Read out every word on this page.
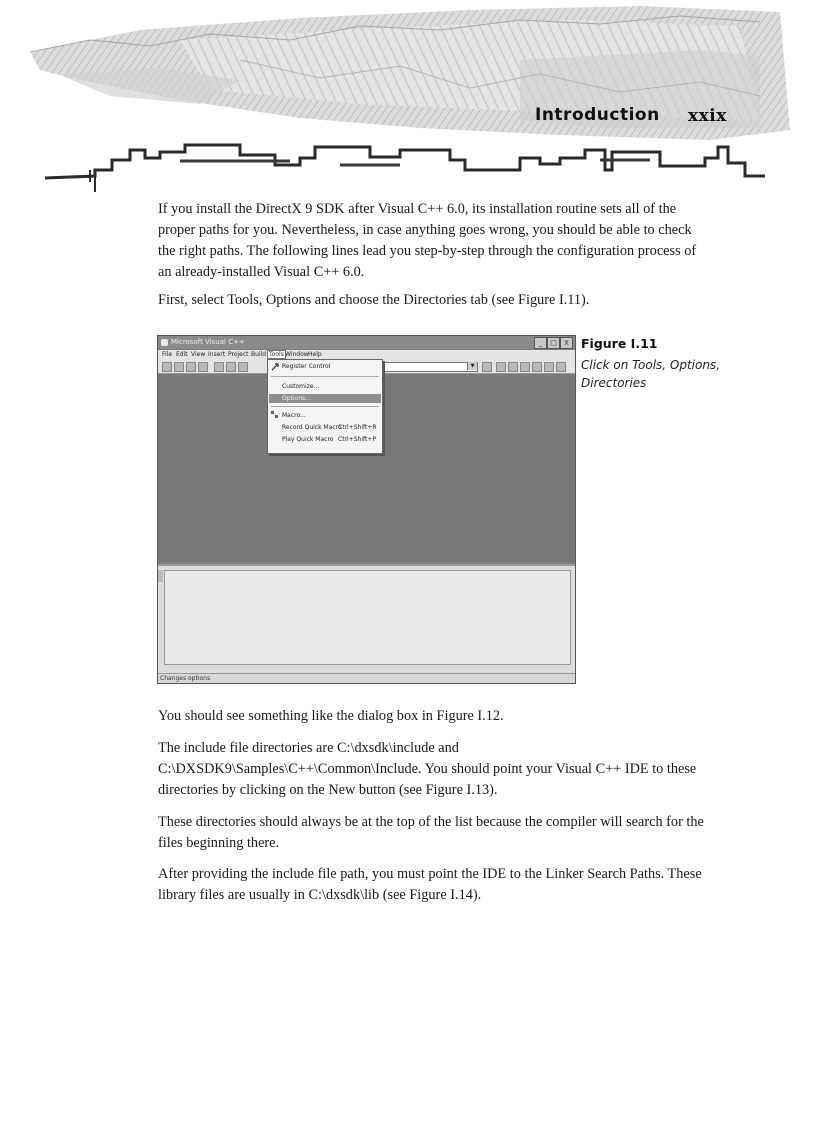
Introduction xxix

If you install the DirectX 9 SDK after Visual C++ 6.0, its installation routine sets all of the proper paths for you. Nevertheless, in case anything goes wrong, you should be able to check the right paths. The following lines lead you step-by-step through the configuration process of an already-installed Visual C++ 6.0.

First, select Tools, Options and choose the Directories tab (see Figure I.11).

Microsoft Visual C++	_	□	X
File Edit View Insert Project Build Tools Window Help
▼
Changes options
Register Control
Customize...
Options...
Macro...
Record Quick Macro
Ctrl+Shift+R
Play Quick Macro Ctrl+Shift+P
Figure I.11
Click on Tools, Options, Directories

You should see something like the dialog box in Figure I.12.

The include file directories are C:\dxsdk\include and C:\DXSDK9\Samples\C++\Common\Include. You should point your Visual C++ IDE to these directories by clicking on the New button (see Figure I.13).

These directories should always be at the top of the list because the compiler will search for the files beginning there.

After providing the include file path, you must point the IDE to the Linker Search Paths. These library files are usually in C:\dxsdk\lib (see Figure I.14).
